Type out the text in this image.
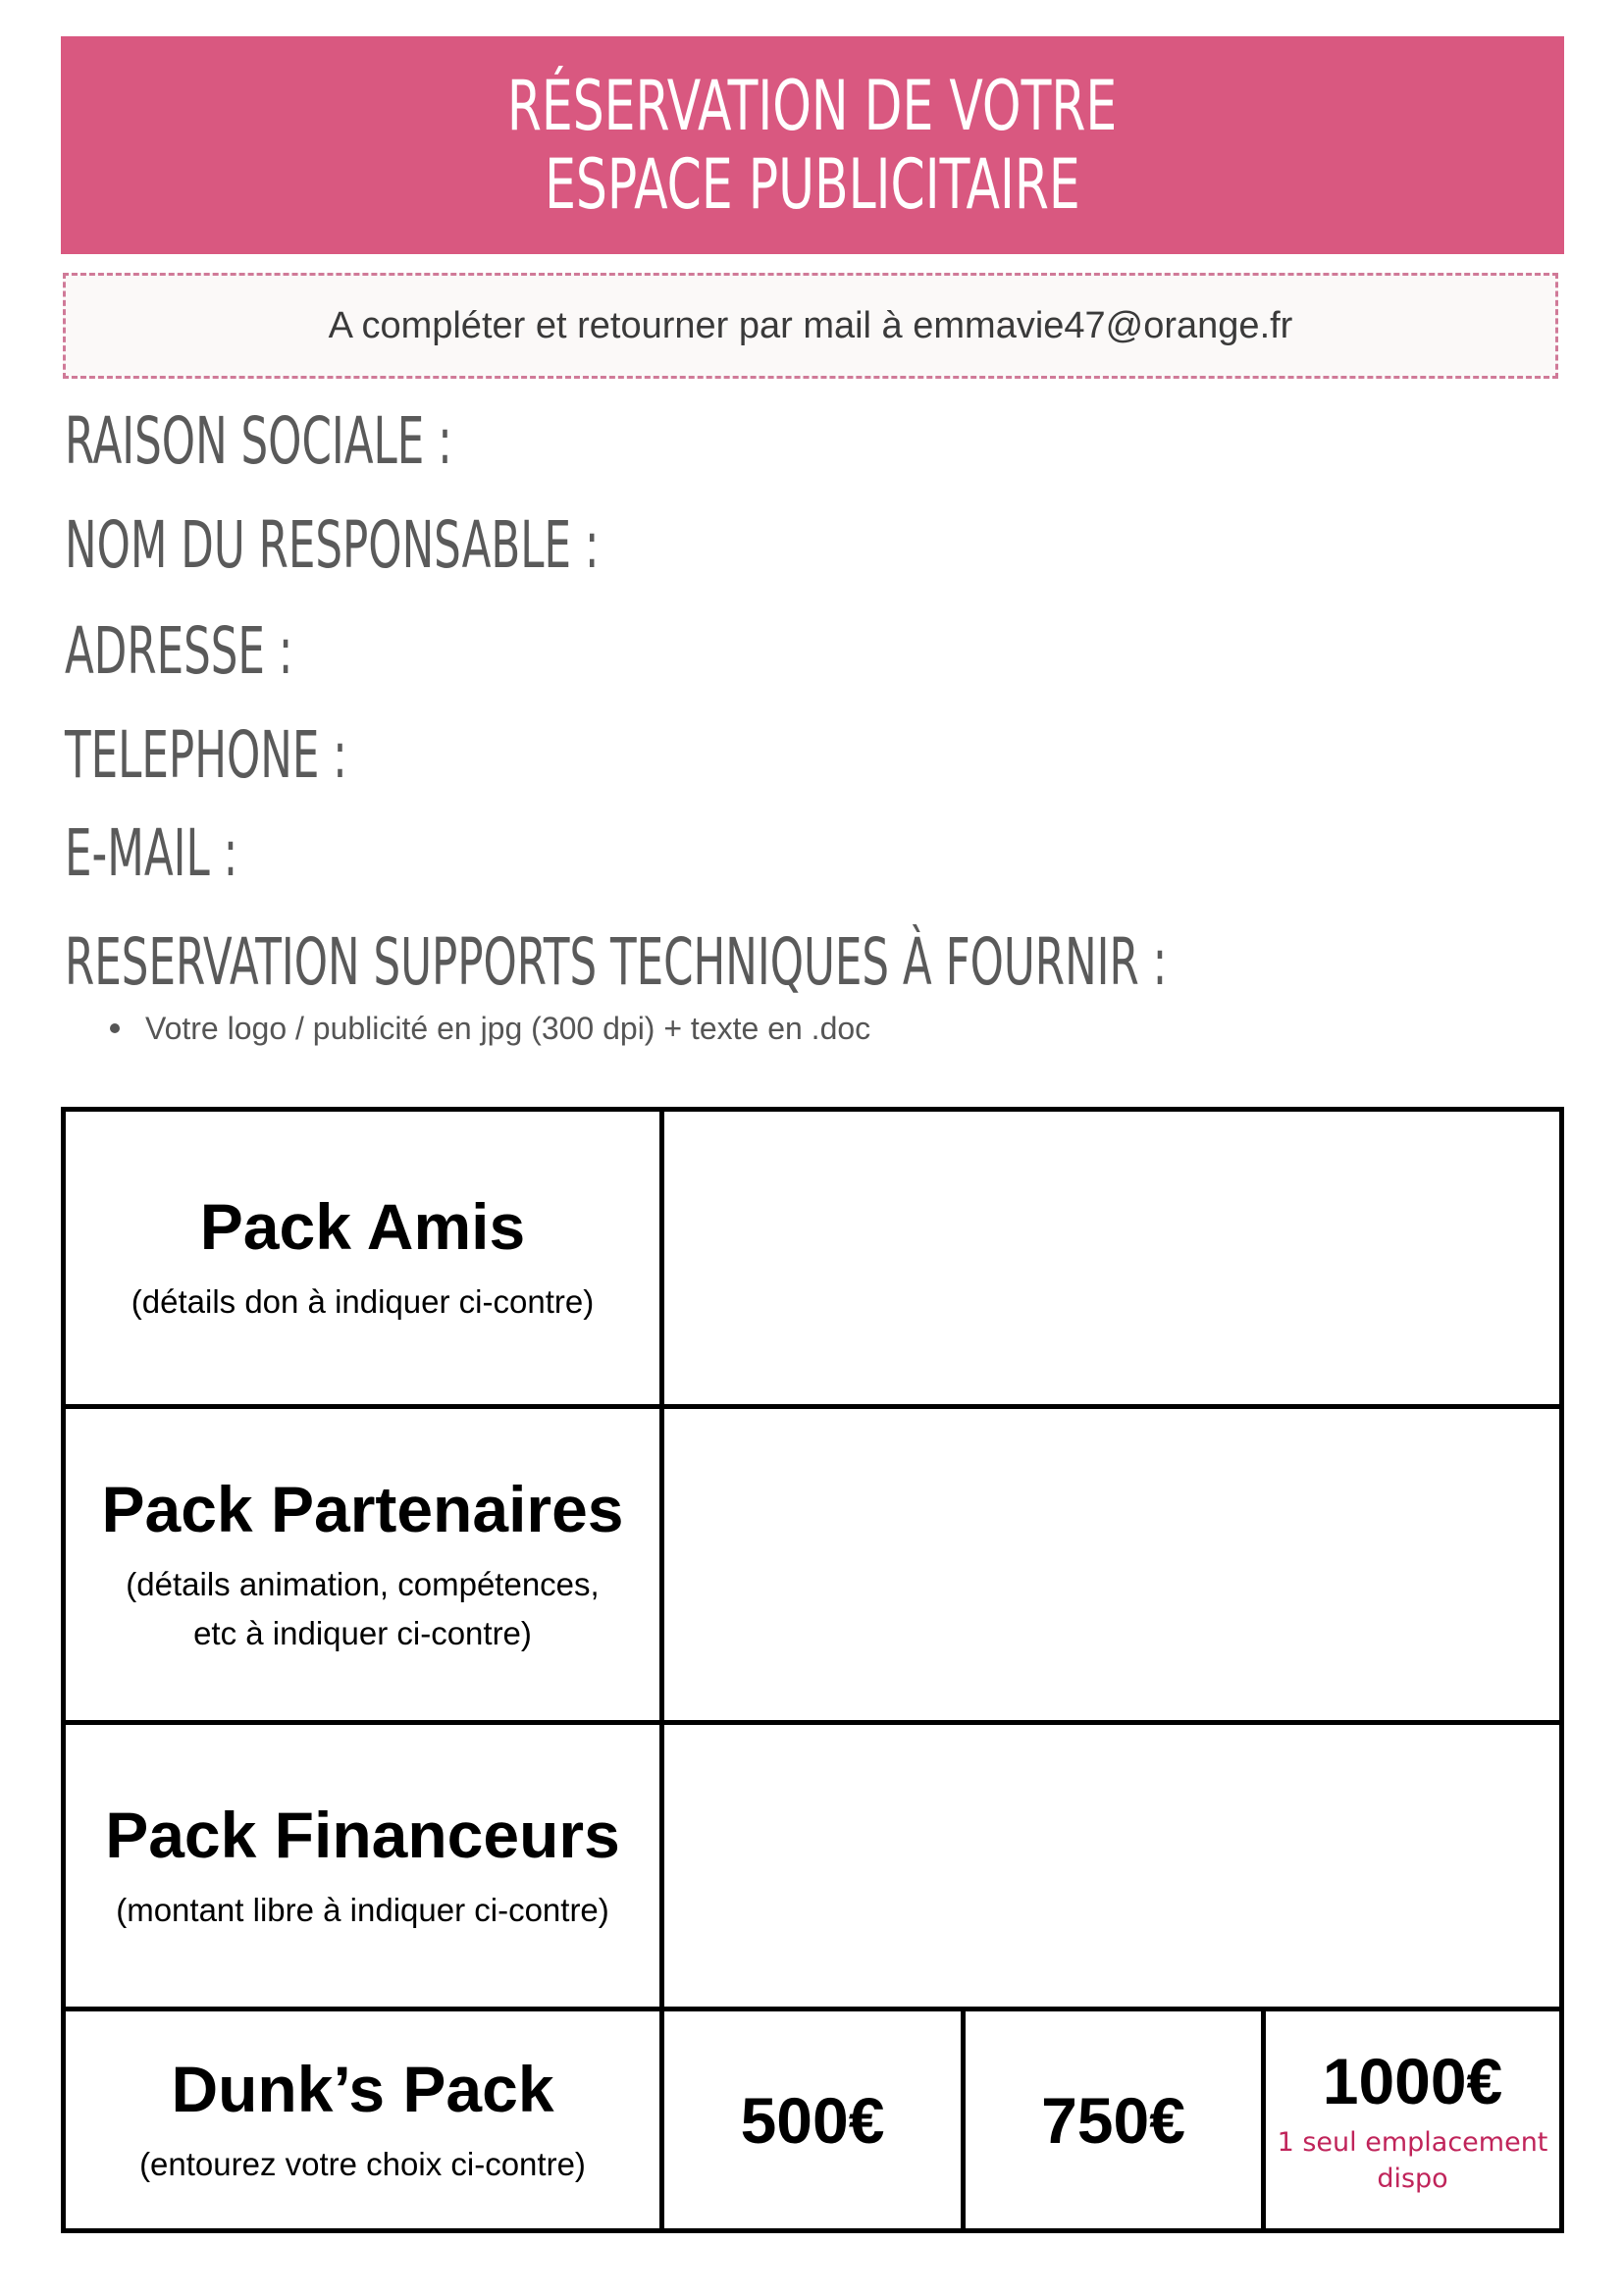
RÉSERVATION DE VOTRE
ESPACE PUBLICITAIRE
A compléter et retourner par mail à emmavie47@orange.fr
RAISON SOCIALE :
NOM DU RESPONSABLE :
ADRESSE :
TELEPHONE :
E-MAIL :
RESERVATION SUPPORTS TECHNIQUES À FOURNIR :
Votre logo / publicité en jpg (300 dpi) + texte en .doc
Pack Amis
(détails don à indiquer ci-contre)
Pack Partenaires
(détails animation, compétences,
etc à indiquer ci-contre)
Pack Financeurs
(montant libre à indiquer ci-contre)
Dunk’s Pack
(entourez votre choix ci-contre)
500€ 750€
1000€
1 seul emplacement
dispo
